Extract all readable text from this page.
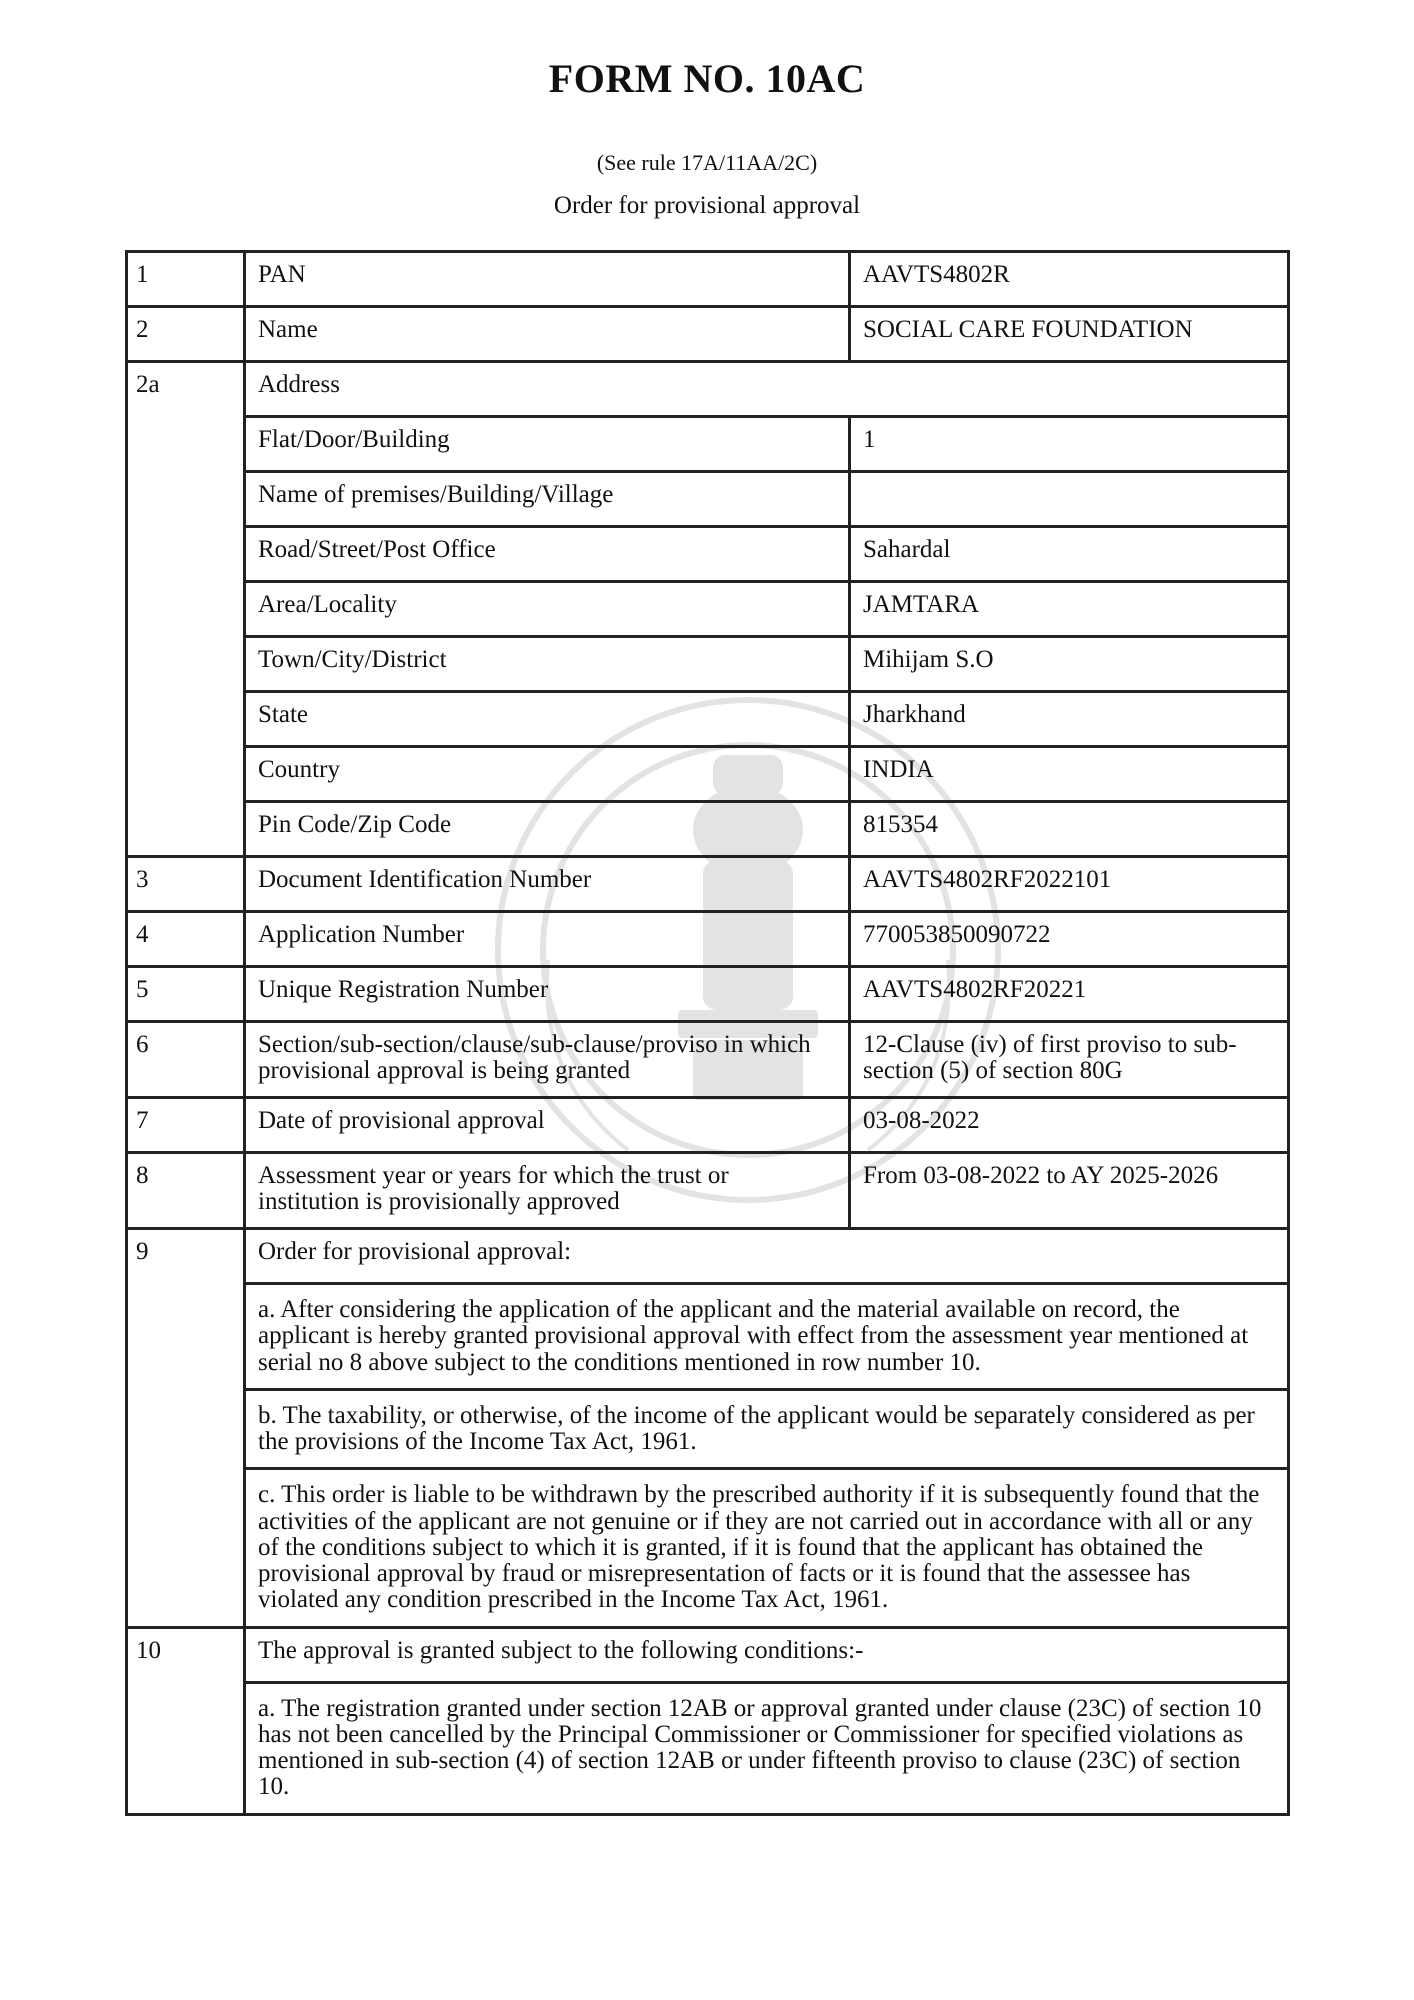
FORM NO. 10AC
(See rule 17A/11AA/2C)
Order for provisional approval
1	PAN	AAVTS4802R
2	Name	SOCIAL CARE FOUNDATION
2a	Address	
	Flat/Door/Building	1
	Name of premises/Building/Village	
	Road/Street/Post Office	Sahardal
	Area/Locality	JAMTARA
	Town/City/District	Mihijam S.O
	State	Jharkhand
	Country	INDIA
	Pin Code/Zip Code	815354
3	Document Identification Number	AAVTS4802RF2022101
4	Application Number	770053850090722
5	Unique Registration Number	AAVTS4802RF20221
6	Section/sub-section/clause/sub-clause/proviso in which provisional approval is being granted	12-Clause (iv) of first proviso to sub-section (5) of section 80G
7	Date of provisional approval	03-08-2022
8	Assessment year or years for which the trust or institution is provisionally approved	From 03-08-2022 to AY 2025-2026
9	Order for provisional approval:	
	a. After considering the application of the applicant and the material available on record, the applicant is hereby granted provisional approval with effect from the assessment year mentioned at serial no 8 above subject to the conditions mentioned in row number 10.	
	b. The taxability, or otherwise, of the income of the applicant would be separately considered as per the provisions of the Income Tax Act, 1961.	
	c. This order is liable to be withdrawn by the prescribed authority if it is subsequently found that the activities of the applicant are not genuine or if they are not carried out in accordance with all or any of the conditions subject to which it is granted, if it is found that the applicant has obtained the provisional approval by fraud or misrepresentation of facts or it is found that the assessee has violated any condition prescribed in the Income Tax Act, 1961.	
10	The approval is granted subject to the following conditions:-	
	a. The registration granted under section 12AB or approval granted under clause (23C) of section 10 has not been cancelled by the Principal Commissioner or Commissioner for specified violations as mentioned in sub-section (4) of section 12AB or under fifteenth proviso to clause (23C) of section 10.	
